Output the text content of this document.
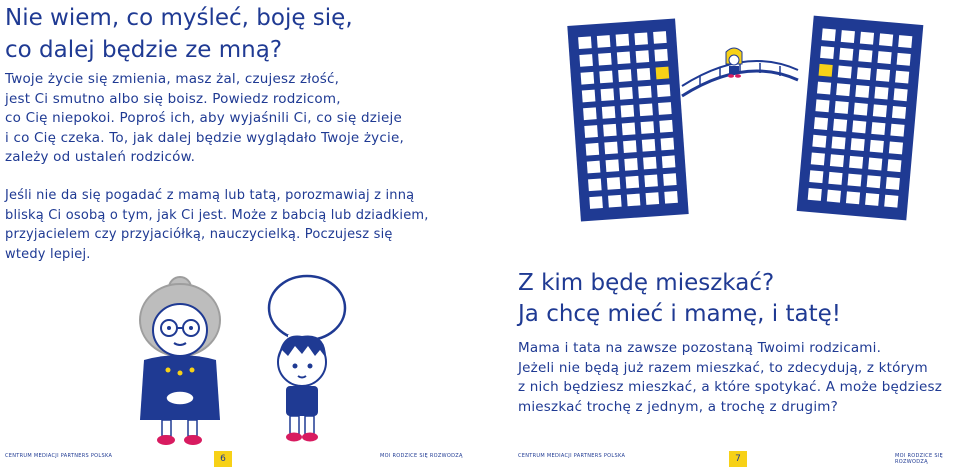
Nie wiem, co myśleć, boję się,
co dalej będzie ze mną?
Twoje życie się zmienia, masz żal, czujesz złość,
jest Ci smutno albo się boisz. Powiedz rodzicom,
co Cię niepokoi. Poproś ich, aby wyjaśnili Ci, co się dzieje
i co Cię czeka. To, jak dalej będzie wyglądało Twoje życie,
zależy od ustaleń rodziców.
Jeśli nie da się pogadać z mamą lub tatą, porozmawiaj z inną
bliską Ci osobą o tym, jak Ci jest. Może z babcią lub dziadkiem,
przyjacielem czy przyjaciółką, nauczycielką. Poczujesz się
wtedy lepiej.
CENTRUM MEDIACJI PARTNERS POLSKA	6	MOI RODZICE SIĘ ROZWODZĄ
Z kim będę mieszkać?
Ja chcę mieć i mamę, i tatę!
Mama i tata na zawsze pozostaną Twoimi rodzicami.
Jeżeli nie będą już razem mieszkać, to zdecydują, z którym
z nich będziesz mieszkać, a które spotykać. A może będziesz
mieszkać trochę z jednym, a trochę z drugim?
CENTRUM MEDIACJI PARTNERS POLSKA	7	MOI RODZICE SIĘ ROZWODZĄ
